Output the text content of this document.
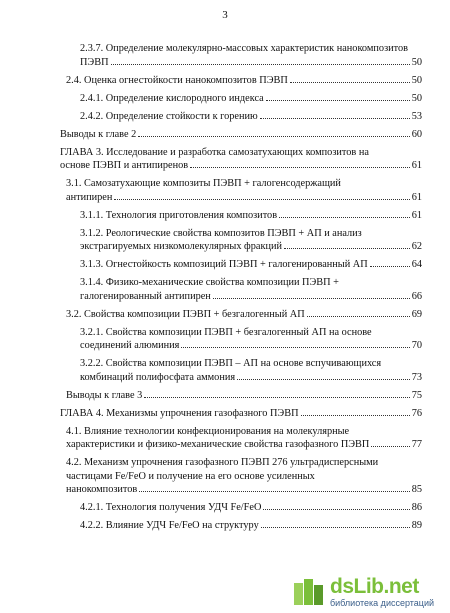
3
2.3.7. Определение молекулярно-массовых характеристик нанокомпозитов
ПЭВП	50
2.4. Оценка огнестойкости нанокомпозитов ПЭВП	50
2.4.1. Определение кислородного индекса	50
2.4.2. Определение стойкости к горению	53
Выводы к главе 2	60
ГЛАВА 3. Исследование и разработка самозатухающих композитов на
основе ПЭВП и антипиренов	61
3.1. Самозатухающие композиты ПЭВП + галогенсодержащий
антипирен	61
3.1.1. Технология приготовления композитов	61
3.1.2. Реологические свойства композитов ПЭВП + АП и анализ
экстрагируемых низкомолекулярных фракций	62
3.1.3. Огнестойкость композиций ПЭВП + галогенированный АП	64
3.1.4. Физико-механические свойства композиции ПЭВП +
галогенированный антипирен	66
3.2. Свойства композиции ПЭВП + безгалогенный АП	69
3.2.1. Свойства композиции ПЭВП + безгалогенный АП на основе
соединений алюминия	70
3.2.2. Свойства композиции ПЭВП – АП на основе вспучивающихся
комбинаций полифосфата аммония	73
Выводы к главе 3	75
ГЛАВА 4. Механизмы упрочнения газофазного ПЭВП	76
4.1. Влияние технологии конфекционирования на молекулярные
характеристики и физико-механические свойства газофазного ПЭВП	77
4.2. Механизм упрочнения газофазного ПЭВП 276 ультрадисперсными
частицами Fe/FeO и получение на его основе усиленных
нанокомпозитов	85
4.2.1. Технология получения УДЧ Fe/FeO	86
4.2.2. Влияние УДЧ Fe/FeO на структуру	89
dsLib.net
библиотека диссертаций
